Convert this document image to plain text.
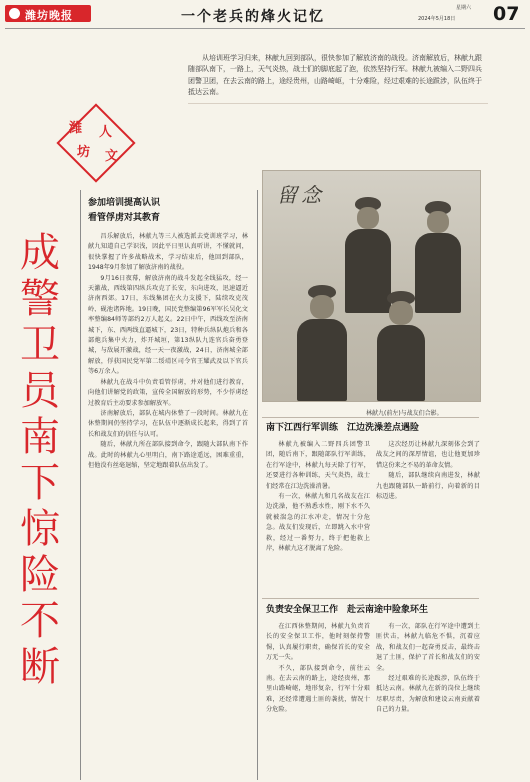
潍坊晚报	一个老兵的烽火记忆
星期六
2024年5月18日 07
从培训班学习归来，林献九回到部队，很快参加了解放济南的战役。济南解放后，林献九跟随部队南下，一路上，天气炎热，战士们的脚底起了泡，依然坚持行军。林献九被编入二野四兵团警卫团，在去云南的路上，途经贵州，山路崎岖，十分难险，经过艰难的长途跋涉，队伍终于抵达云南。
潍 人
坊 文
成警卫员南下惊险不断
参加培训提高认识
看管俘虏对其教育

昌乐解放后，林献九等三人被选派去党训班学习，林献九知道自己学识浅，因此平日里认真听讲，不懂就问，很快掌握了许多战略战术，学习结束后，他回到部队，1948年9月参加了解放济南的战役。

9月16日夜幕，解放济南的战斗发起全线猛攻，经一天激战，西线第四纵兵攻克了长安，东向进攻，迅速逼近济南西郊。17日，东线集团在火力支援下，陆续攻克茂岭、砚池诸阵地。19日晚，国民党整编第96军军长吴化文率整编84师等部约2万人起义。22日中午，西线攻至济南城下，东、西两线直逼城下，23日，特种兵纵队炮兵和各部炮兵集中火力，炸开城垣，第13纵队九连官兵奋勇登城，与敌展开激战，经一天一夜激战，24日，济南城全部解放，俘获国民党军第二绥靖区司令官王耀武及以下官兵等6万余人。

林献九在战斗中负责看管俘虏，并对他们进行教育，向他们讲解党的政策，宣传全国解放的形势，不少俘虏经过教育后主动要求参加解放军。

济南解放后，部队在城内休整了一段时间。林献九在休整期间仍坚持学习，在队伍中逐渐成长起来，得到了首长和战友们的信任与认可。

随后，林献九所在部队接到命令，跟随大部队南下作战。此时的林献九心里明白，南下路途遥远，困难重重，但他没有丝毫退缩，坚定地跟着队伍出发了。

留念
林献九(前左)与战友们合影。
南下江西行军训练　江边洗澡差点遇险

林献九被编入二野四兵团警卫团，随后南下，跟随部队行军训练，在行军途中，林献九每天除了行军，还要进行各种训练，天气炎热，战士们经常在江边洗澡消暑。

有一次，林献九和几名战友在江边洗澡，他不熟悉水性，刚下水不久就被湍急的江水冲走，情况十分危急。战友们发现后，立即跳入水中营救，经过一番努力，终于把他救上岸，林献九这才脱离了危险。

这次经历让林献九深刻体会到了战友之间的深厚情谊，也让他更加珍惜这份来之不易的革命友情。

随后，部队继续向南进发，林献九也跟随部队一路前行，向着新的目标迈进。

负责安全保卫工作　赴云南途中险象环生

在江西休整期间，林献九负责首长的安全保卫工作，他时刻保持警惕，认真履行职责，确保首长的安全万无一失。

不久，部队接到命令，前往云南。在去云南的路上，途经贵州，那里山路崎岖，地形复杂，行军十分艰难，还经常遭遇土匪的袭扰，情况十分危险。

有一次，部队在行军途中遭到土匪伏击，林献九临危不惧，沉着应战，和战友们一起奋勇反击，最终击退了土匪，保护了首长和战友们的安全。

经过艰难的长途跋涉，队伍终于抵达云南。林献九在新的岗位上继续尽职尽责，为解放和建设云南贡献着自己的力量。
